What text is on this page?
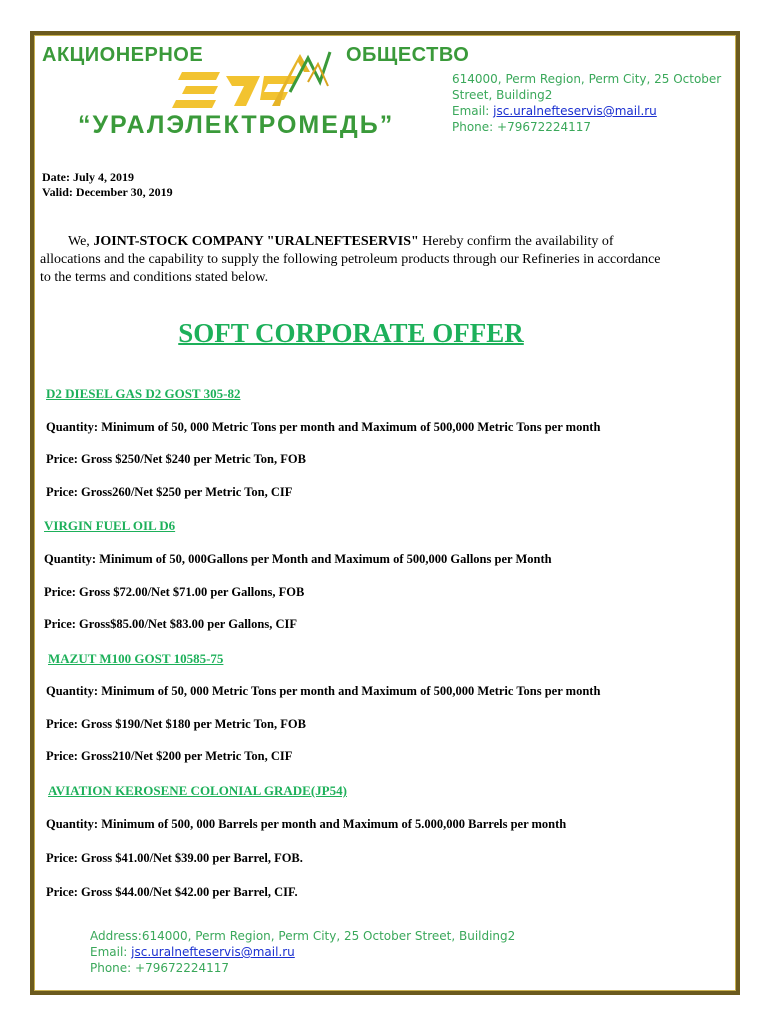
АКЦИОНЕРНОЕ	ОБЩЕСТВО
“УРАЛЭЛЕКТРОМЕДЬ”
614000, Perm Region, Perm City, 25 October Street, Building2
Email: jsc.uralnefteservis@mail.ru
Phone: +79672224117
Date: July 4, 2019
Valid: December 30, 2019
We, JOINT-STOCK COMPANY "URALNEFTESERVIS" Hereby confirm the availability of
allocations and the capability to supply the following petroleum products through our Refineries in accordance
to the terms and conditions stated below.
SOFT CORPORATE OFFER
D2 DIESEL GAS D2 GOST 305-82
Quantity: Minimum of 50, 000 Metric Tons per month and Maximum of 500,000 Metric Tons per month
Price: Gross $250/Net $240 per Metric Ton, FOB
Price: Gross260/Net $250 per Metric Ton, CIF
VIRGIN FUEL OIL D6
Quantity: Minimum of 50, 000Gallons per Month and Maximum of 500,000 Gallons per Month
Price: Gross $72.00/Net $71.00 per Gallons, FOB
Price: Gross$85.00/Net $83.00 per Gallons, CIF
MAZUT M100 GOST 10585-75
Quantity: Minimum of 50, 000 Metric Tons per month and Maximum of 500,000 Metric Tons per month
Price: Gross $190/Net $180 per Metric Ton, FOB
Price: Gross210/Net $200 per Metric Ton, CIF
AVIATION KEROSENE COLONIAL GRADE(JP54)
Quantity: Minimum of 500, 000 Barrels per month and Maximum of 5.000,000 Barrels per month
Price: Gross $41.00/Net $39.00 per Barrel, FOB.
Price: Gross $44.00/Net $42.00 per Barrel, CIF.
Address:614000, Perm Region, Perm City, 25 October Street, Building2
Email: jsc.uralnefteservis@mail.ru
Phone: +79672224117
